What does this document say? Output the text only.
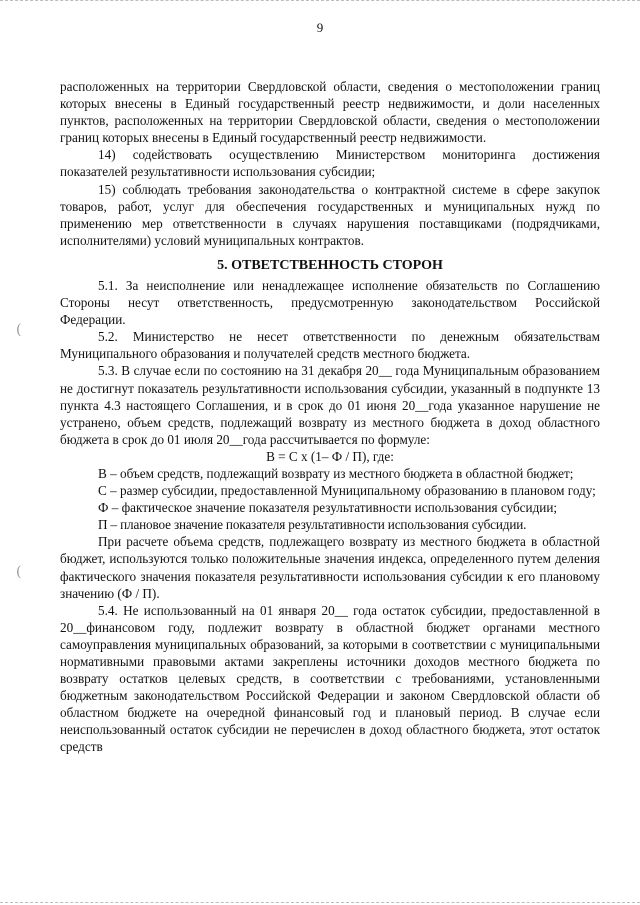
9
(
(

расположенных на территории Свердловской области, сведения о местоположении границ которых внесены в Единый государственный реестр недвижимости, и доли населенных пунктов, расположенных на территории Свердловской области, сведения о местоположении границ которых внесены в Единый государственный реестр недвижимости.

14) содействовать осуществлению Министерством мониторинга достижения показателей результативности использования субсидии;

15) соблюдать требования законодательства о контрактной системе в сфере закупок товаров, работ, услуг для обеспечения государственных и муниципальных нужд по применению мер ответственности в случаях нарушения поставщиками (подрядчиками, исполнителями) условий муниципальных контрактов.

5. ОТВЕТСТВЕННОСТЬ СТОРОН

5.1. За неисполнение или ненадлежащее исполнение обязательств по Соглашению Стороны несут ответственность, предусмотренную законодательством Российской Федерации.

5.2. Министерство не несет ответственности по денежным обязательствам Муниципального образования и получателей средств местного бюджета.

5.3. В случае если по состоянию на 31 декабря 20__ года Муниципальным образованием не достигнут показатель результативности использования субсидии, указанный в подпункте 13 пункта 4.3 настоящего Соглашения, и в срок до 01 июня 20__года указанное нарушение не устранено, объем средств, подлежащий возврату из местного бюджета в доход областного бюджета в срок до 01 июля 20__года рассчитывается по формуле:

В = С х (1– Ф / П), где:

В – объем средств, подлежащий возврату из местного бюджета в областной бюджет;

С – размер субсидии, предоставленной Муниципальному образованию в плановом году;

Ф – фактическое значение показателя результативности использования субсидии;

П – плановое значение показателя результативности использования субсидии.

При расчете объема средств, подлежащего возврату из местного бюджета в областной бюджет, используются только положительные значения индекса, определенного путем деления фактического значения показателя результативности использования субсидии к его плановому значению (Ф / П).

5.4. Не использованный на 01 января 20__ года остаток субсидии, предоставленной в 20__финансовом году, подлежит возврату в областной бюджет органами местного самоуправления муниципальных образований, за которыми в соответствии с муниципальными нормативными правовыми актами закреплены источники доходов местного бюджета по возврату остатков целевых средств, в соответствии с требованиями, установленными бюджетным законодательством Российской Федерации и законом Свердловской области об областном бюджете на очередной финансовый год и плановый период. В случае если неиспользованный остаток субсидии не перечислен в доход областного бюджета, этот остаток средств
